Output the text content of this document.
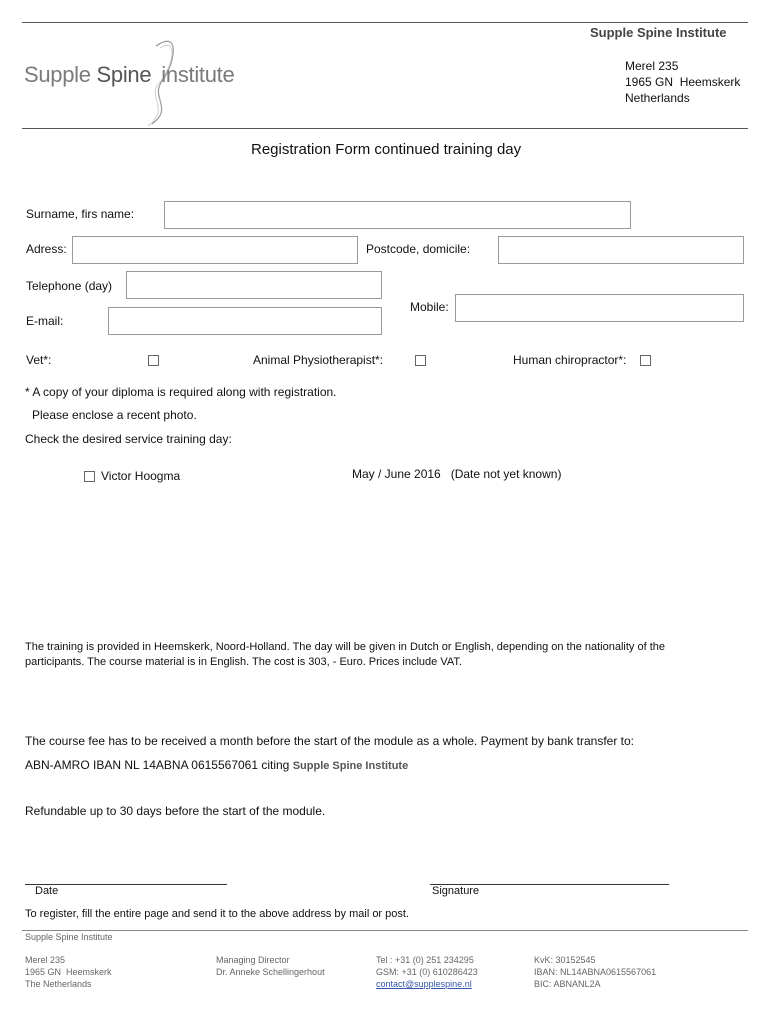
Supple Spine institute
Supple Spine Institute
Merel 235
1965 GN  Heemskerk
Netherlands
Registration Form continued training day
Surname, firs name:
Adress:	Postcode, domicile:
Telephone (day)
Mobile:
E-mail:
Vet*:	Animal Physiotherapist*:	Human chiropractor*:
* A copy of your diploma is required along with registration.
Please enclose a recent photo.
Check the desired service training day:
Victor Hoogma	May / June 2016   (Date not yet known)
The training is provided in Heemskerk, Noord-Holland. The day will be given in Dutch or English, depending on the nationality of the
participants. The course material is in English. The cost is 303, - Euro. Prices include VAT.
The course fee has to be received a month before the start of the module as a whole. Payment by bank transfer to:
ABN-AMRO IBAN NL 14ABNA 0615567061 citing Supple Spine Institute
Refundable up to 30 days before the start of the module.
Date	Signature
To register, fill the entire page and send it to the above address by mail or post.
Supple Spine Institute
Merel 235
1965 GN  Heemskerk
The Netherlands
Managing Director
Dr. Anneke Schellingerhout
Tel : +31 (0) 251 234295
GSM: +31 (0) 610286423
contact@supplespine.nl
KvK: 30152545
IBAN: NL14ABNA0615567061
BIC: ABNANL2A
